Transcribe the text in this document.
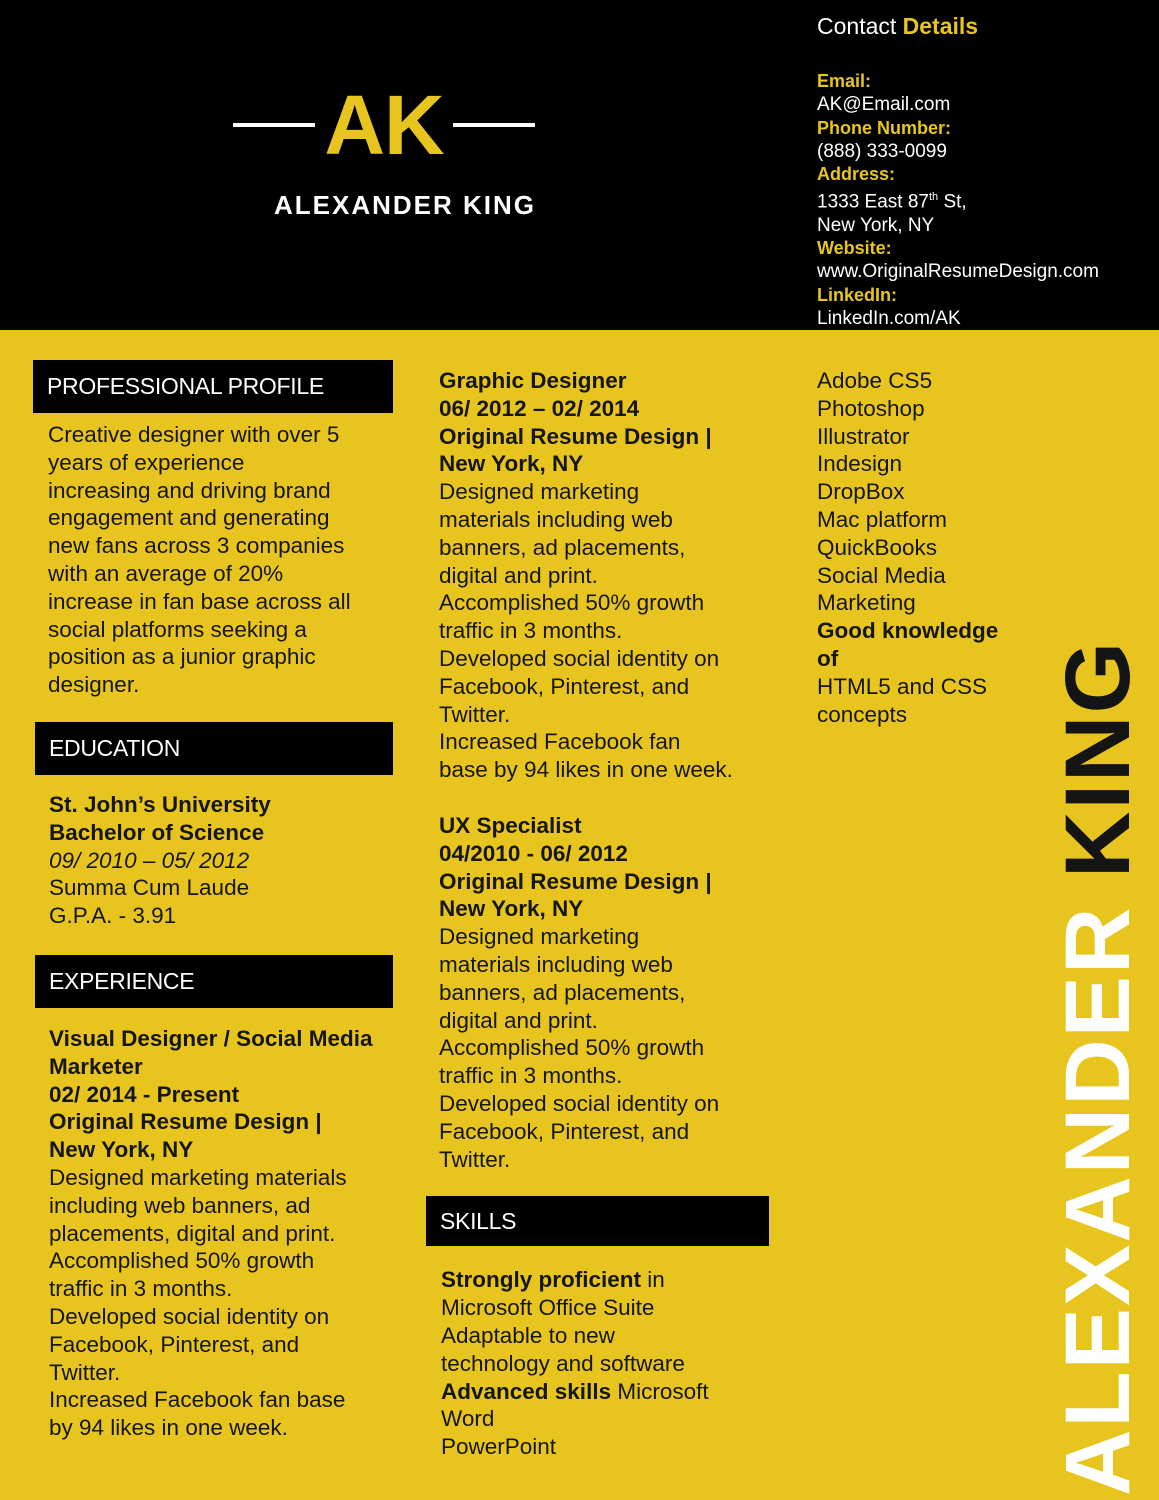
AK
ALEXANDER KING
Contact Details
Email:
AK@Email.com
Phone Number:
(888) 333-0099
Address:
1333 East 87th St,
New York, NY
Website:
www.OriginalResumeDesign.com
LinkedIn:
LinkedIn.com/AK
PROFESSIONAL PROFILE
Creative designer with over 5
years of experience
increasing and driving brand
engagement and generating
new fans across 3 companies
with an average of 20%
increase in fan base across all
social platforms seeking a
position as a junior graphic
designer.
EDUCATION
St. John’s University
Bachelor of Science
09/ 2010 – 05/ 2012
Summa Cum Laude
G.P.A. - 3.91
EXPERIENCE
Visual Designer / Social Media
Marketer
02/ 2014 - Present
Original Resume Design |
New York, NY
Designed marketing materials
including web banners, ad
placements, digital and print.
Accomplished 50% growth
traffic in 3 months.
Developed social identity on
Facebook, Pinterest, and
Twitter.
Increased Facebook fan base
by 94 likes in one week.
Graphic Designer
06/ 2012 – 02/ 2014
Original Resume Design |
New York, NY
Designed marketing
materials including web
banners, ad placements,
digital and print.
Accomplished 50% growth
traffic in 3 months.
Developed social identity on
Facebook, Pinterest, and
Twitter.
Increased Facebook fan
base by 94 likes in one week.
UX Specialist
04/2010 - 06/ 2012
Original Resume Design |
New York, NY
Designed marketing
materials including web
banners, ad placements,
digital and print.
Accomplished 50% growth
traffic in 3 months.
Developed social identity on
Facebook, Pinterest, and
Twitter.
SKILLS
Strongly proficient in
Microsoft Office Suite
Adaptable to new
technology and software
Advanced skills Microsoft
Word
PowerPoint
Adobe CS5
Photoshop
Illustrator
Indesign
DropBox
Mac platform
QuickBooks
Social Media
Marketing
Good knowledge
of
HTML5 and CSS
concepts
ALEXANDER KING
